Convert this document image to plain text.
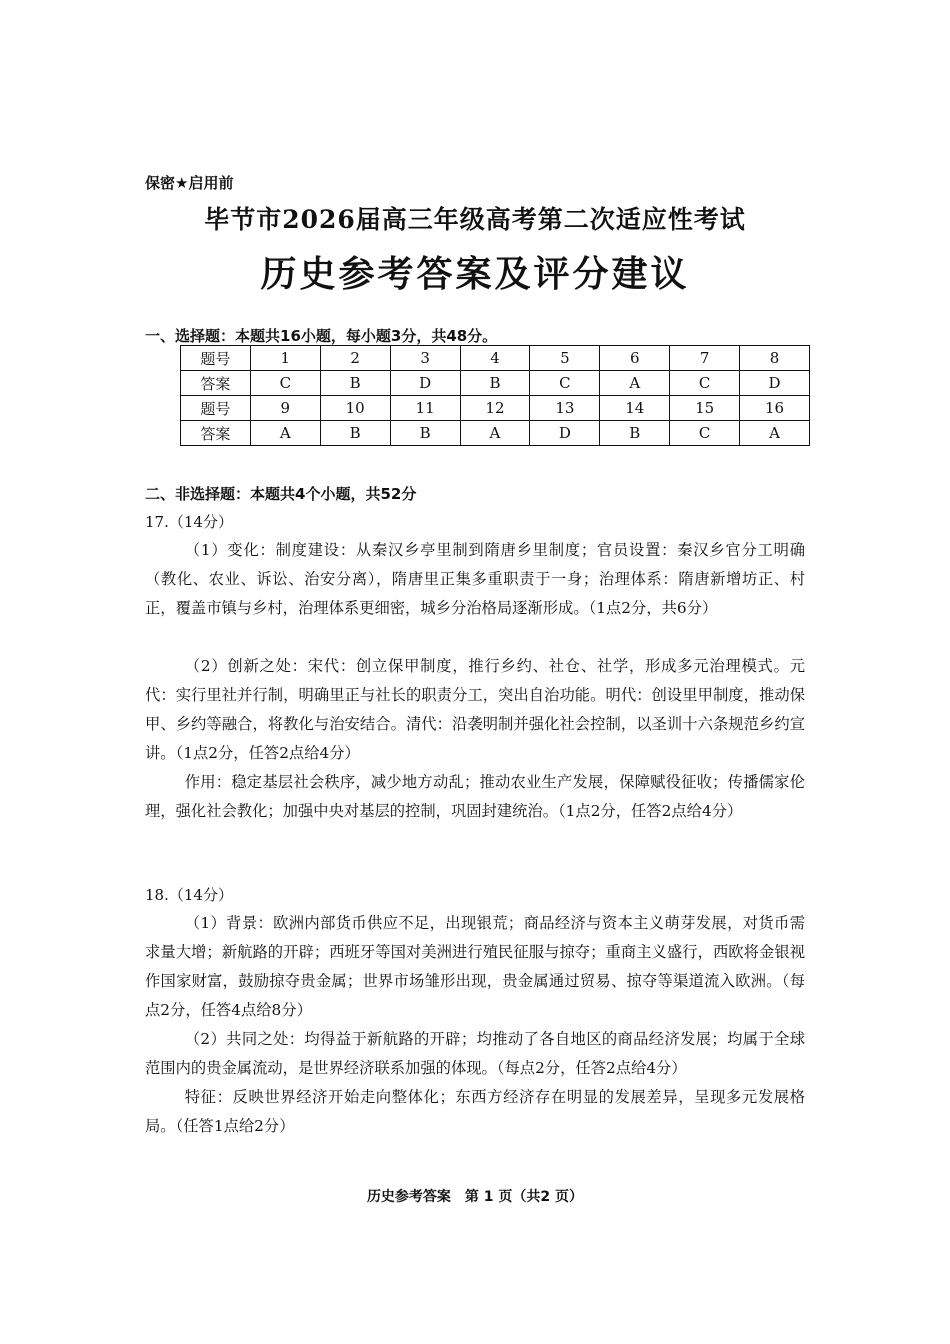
保密★启用前
毕节市2026届高三年级高考第二次适应性考试
历史参考答案及评分建议
一、选择题：本题共16小题，每小题3分，共48分。
题号	1	2	3	4	5	6	7	8
答案	C	B	D	B	C	A	C	D
题号	9	10	11	12	13	14	15	16
答案	A	B	B	A	D	B	C	A
二、非选择题：本题共4个小题，共52分
17.（14分）
（1）变化：制度建设：从秦汉乡亭里制到隋唐乡里制度；官员设置：秦汉乡官分工明确（教化、农业、诉讼、治安分离），隋唐里正集多重职责于一身；治理体系：隋唐新增坊正、村正，覆盖市镇与乡村，治理体系更细密，城乡分治格局逐渐形成。（1点2分，共6分）
（2）创新之处：宋代：创立保甲制度，推行乡约、社仓、社学，形成多元治理模式。元代：实行里社并行制，明确里正与社长的职责分工，突出自治功能。明代：创设里甲制度，推动保甲、乡约等融合，将教化与治安结合。清代：沿袭明制并强化社会控制，以圣训十六条规范乡约宣讲。（1点2分，任答2点给4分）
作用：稳定基层社会秩序，减少地方动乱；推动农业生产发展，保障赋役征收；传播儒家伦理，强化社会教化；加强中央对基层的控制，巩固封建统治。（1点2分，任答2点给4分）
18.（14分）
（1）背景：欧洲内部货币供应不足，出现银荒；商品经济与资本主义萌芽发展，对货币需求量大增；新航路的开辟；西班牙等国对美洲进行殖民征服与掠夺；重商主义盛行，西欧将金银视作国家财富，鼓励掠夺贵金属；世界市场雏形出现，贵金属通过贸易、掠夺等渠道流入欧洲。（每点2分，任答4点给8分）
（2）共同之处：均得益于新航路的开辟；均推动了各自地区的商品经济发展；均属于全球范围内的贵金属流动，是世界经济联系加强的体现。（每点2分，任答2点给4分）
特征：反映世界经济开始走向整体化；东西方经济存在明显的发展差异，呈现多元发展格局。（任答1点给2分）
历史参考答案　第 1 页（共2 页）
